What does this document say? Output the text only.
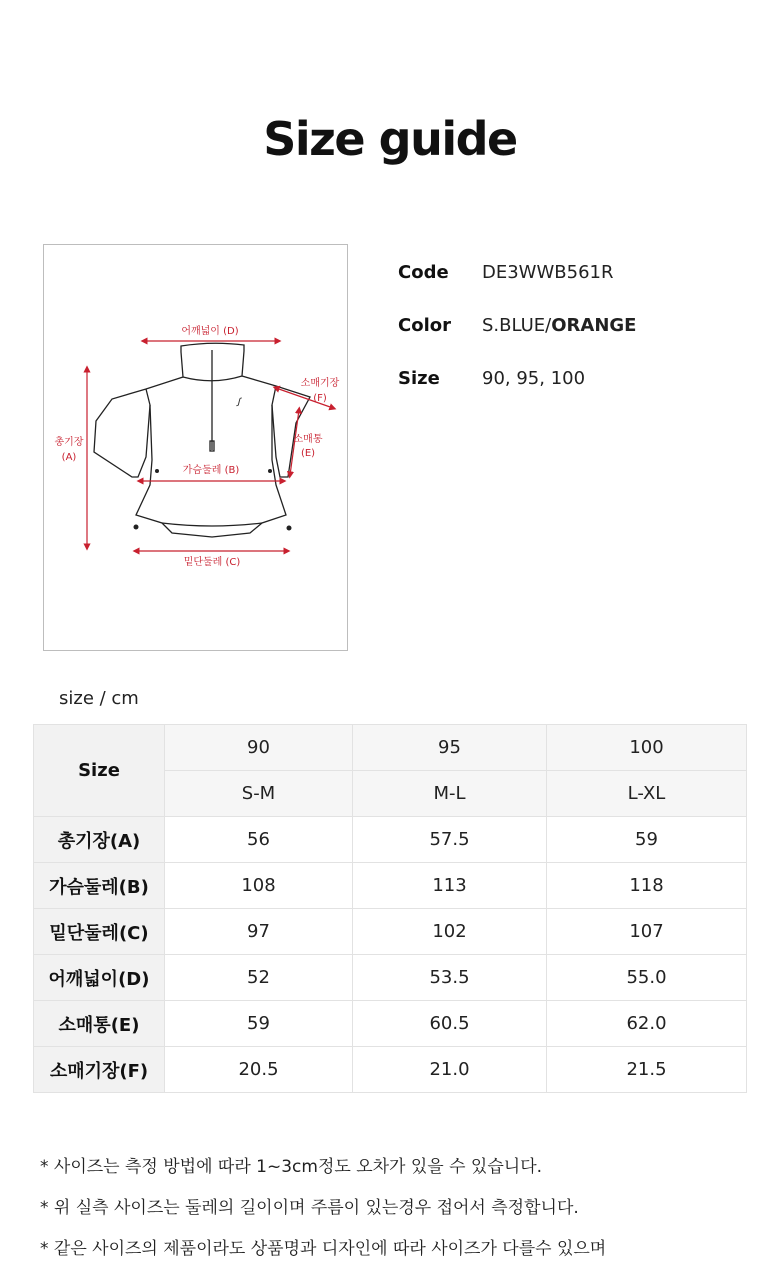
Size guide
ꭍ
어깨넓이 (D)
소매기장
(F)
총기장
(A)
소매통
(E)
가슴둘레 (B)
밑단둘레 (C)
Code	DE3WWB561R
Color	S.BLUE/ORANGE
Size	90, 95, 100
size / cm
Size	90	95	100
	S-M	M-L	L-XL
총기장(A)	56	57.5	59
가슴둘레(B)	108	113	118
밑단둘레(C)	97	102	107
어깨넓이(D)	52	53.5	55.0
소매통(E)	59	60.5	62.0
소매기장(F)	20.5	21.0	21.5
* 사이즈는 측정 방법에 따라 1~3cm정도 오차가 있을 수 있습니다.
* 위 실측 사이즈는 둘레의 길이이며 주름이 있는경우 접어서 측정합니다.
* 같은 사이즈의 제품이라도 상품명과 디자인에 따라 사이즈가 다를수 있으며
